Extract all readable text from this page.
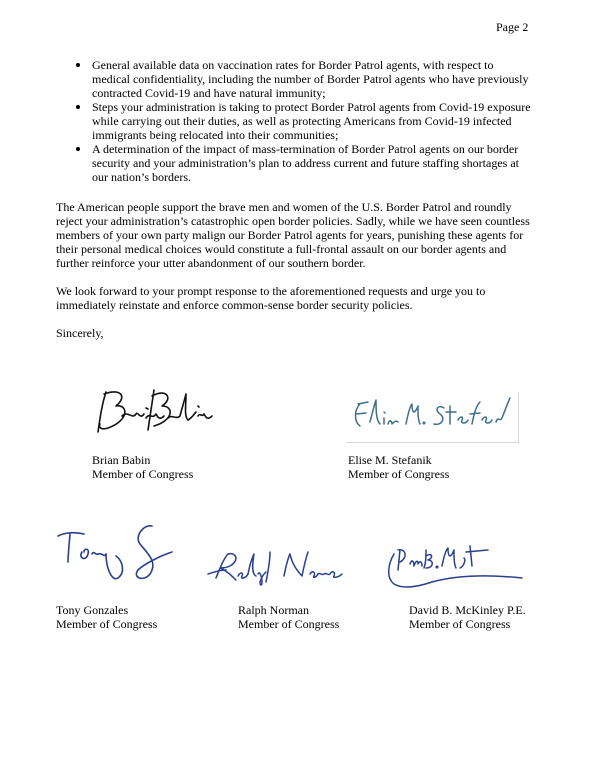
Page 2
General available data on vaccination rates for Border Patrol agents, with respect to medical confidentiality, including the number of Border Patrol agents who have previously contracted Covid-19 and have natural immunity;
Steps your administration is taking to protect Border Patrol agents from Covid-19 exposure while carrying out their duties, as well as protecting Americans from Covid-19 infected immigrants being relocated into their communities;
A determination of the impact of mass-termination of Border Patrol agents on our border security and your administration’s plan to address current and future staffing shortages at our nation’s borders.

The American people support the brave men and women of the U.S. Border Patrol and roundly reject your administration’s catastrophic open border policies. Sadly, while we have seen countless members of your own party malign our Border Patrol agents for years, punishing these agents for their personal medical choices would constitute a full-frontal assault on our border agents and further reinforce your utter abandonment of our southern border.

We look forward to your prompt response to the aforementioned requests and urge you to immediately reinstate and enforce common-sense border security policies.

Sincerely,

Brian Babin
Member of Congress
Elise M. Stefanik
Member of Congress
Tony Gonzales
Member of Congress
Ralph Norman
Member of Congress
David B. McKinley P.E.
Member of Congress
